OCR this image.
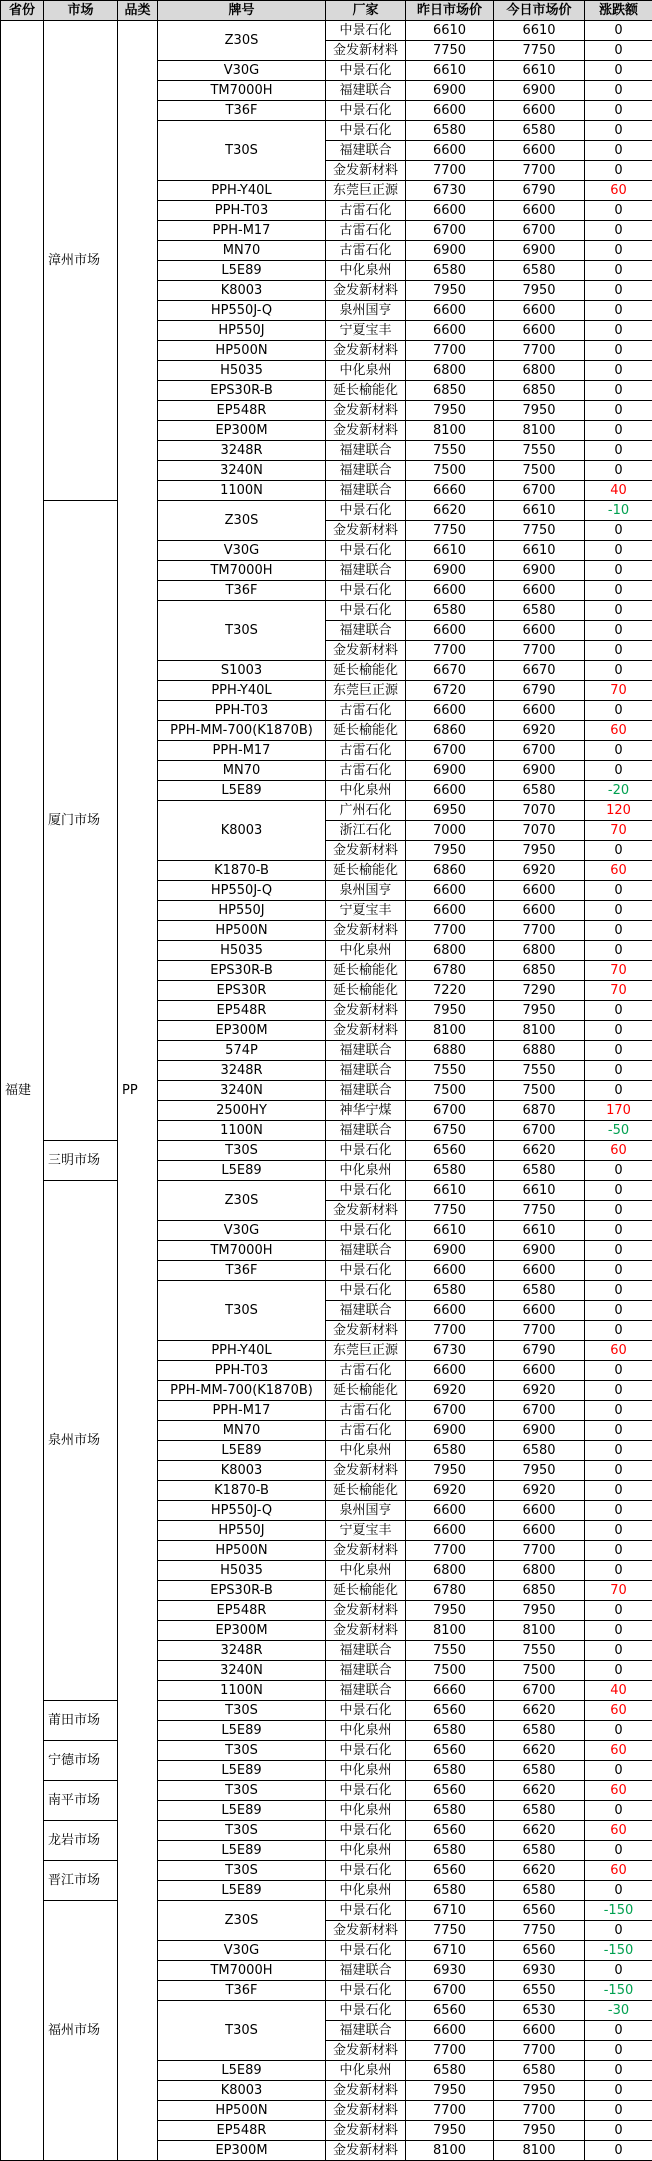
省份	市场	品类	牌号	厂家	昨日市场价	今日市场价	涨跌额
福建	漳州市场	PP	Z30S	中景石化	6610	6610	0
				金发新材料	7750	7750	0
			V30G	中景石化	6610	6610	0
			TM7000H	福建联合	6900	6900	0
			T36F	中景石化	6600	6600	0
			T30S	中景石化	6580	6580	0
				福建联合	6600	6600	0
				金发新材料	7700	7700	0
			PPH-Y40L	东莞巨正源	6730	6790	60
			PPH-T03	古雷石化	6600	6600	0
			PPH-M17	古雷石化	6700	6700	0
			MN70	古雷石化	6900	6900	0
			L5E89	中化泉州	6580	6580	0
			K8003	金发新材料	7950	7950	0
			HP550J-Q	泉州国亨	6600	6600	0
			HP550J	宁夏宝丰	6600	6600	0
			HP500N	金发新材料	7700	7700	0
			H5035	中化泉州	6800	6800	0
			EPS30R-B	延长榆能化	6850	6850	0
			EP548R	金发新材料	7950	7950	0
			EP300M	金发新材料	8100	8100	0
			3248R	福建联合	7550	7550	0
			3240N	福建联合	7500	7500	0
			1100N	福建联合	6660	6700	40
	厦门市场		Z30S	中景石化	6620	6610	-10
				金发新材料	7750	7750	0
			V30G	中景石化	6610	6610	0
			TM7000H	福建联合	6900	6900	0
			T36F	中景石化	6600	6600	0
			T30S	中景石化	6580	6580	0
				福建联合	6600	6600	0
				金发新材料	7700	7700	0
			S1003	延长榆能化	6670	6670	0
			PPH-Y40L	东莞巨正源	6720	6790	70
			PPH-T03	古雷石化	6600	6600	0
			PPH-MM-700(K1870B)	延长榆能化	6860	6920	60
			PPH-M17	古雷石化	6700	6700	0
			MN70	古雷石化	6900	6900	0
			L5E89	中化泉州	6600	6580	-20
			K8003	广州石化	6950	7070	120
				浙江石化	7000	7070	70
				金发新材料	7950	7950	0
			K1870-B	延长榆能化	6860	6920	60
			HP550J-Q	泉州国亨	6600	6600	0
			HP550J	宁夏宝丰	6600	6600	0
			HP500N	金发新材料	7700	7700	0
			H5035	中化泉州	6800	6800	0
			EPS30R-B	延长榆能化	6780	6850	70
			EPS30R	延长榆能化	7220	7290	70
			EP548R	金发新材料	7950	7950	0
			EP300M	金发新材料	8100	8100	0
			574P	福建联合	6880	6880	0
			3248R	福建联合	7550	7550	0
			3240N	福建联合	7500	7500	0
			2500HY	神华宁煤	6700	6870	170
			1100N	福建联合	6750	6700	-50
	三明市场		T30S	中景石化	6560	6620	60
			L5E89	中化泉州	6580	6580	0
	泉州市场		Z30S	中景石化	6610	6610	0
				金发新材料	7750	7750	0
			V30G	中景石化	6610	6610	0
			TM7000H	福建联合	6900	6900	0
			T36F	中景石化	6600	6600	0
			T30S	中景石化	6580	6580	0
				福建联合	6600	6600	0
				金发新材料	7700	7700	0
			PPH-Y40L	东莞巨正源	6730	6790	60
			PPH-T03	古雷石化	6600	6600	0
			PPH-MM-700(K1870B)	延长榆能化	6920	6920	0
			PPH-M17	古雷石化	6700	6700	0
			MN70	古雷石化	6900	6900	0
			L5E89	中化泉州	6580	6580	0
			K8003	金发新材料	7950	7950	0
			K1870-B	延长榆能化	6920	6920	0
			HP550J-Q	泉州国亨	6600	6600	0
			HP550J	宁夏宝丰	6600	6600	0
			HP500N	金发新材料	7700	7700	0
			H5035	中化泉州	6800	6800	0
			EPS30R-B	延长榆能化	6780	6850	70
			EP548R	金发新材料	7950	7950	0
			EP300M	金发新材料	8100	8100	0
			3248R	福建联合	7550	7550	0
			3240N	福建联合	7500	7500	0
			1100N	福建联合	6660	6700	40
	莆田市场		T30S	中景石化	6560	6620	60
			L5E89	中化泉州	6580	6580	0
	宁德市场		T30S	中景石化	6560	6620	60
			L5E89	中化泉州	6580	6580	0
	南平市场		T30S	中景石化	6560	6620	60
			L5E89	中化泉州	6580	6580	0
	龙岩市场		T30S	中景石化	6560	6620	60
			L5E89	中化泉州	6580	6580	0
	晋江市场		T30S	中景石化	6560	6620	60
			L5E89	中化泉州	6580	6580	0
	福州市场		Z30S	中景石化	6710	6560	-150
				金发新材料	7750	7750	0
			V30G	中景石化	6710	6560	-150
			TM7000H	福建联合	6930	6930	0
			T36F	中景石化	6700	6550	-150
			T30S	中景石化	6560	6530	-30
				福建联合	6600	6600	0
				金发新材料	7700	7700	0
			L5E89	中化泉州	6580	6580	0
			K8003	金发新材料	7950	7950	0
			HP500N	金发新材料	7700	7700	0
			EP548R	金发新材料	7950	7950	0
			EP300M	金发新材料	8100	8100	0
